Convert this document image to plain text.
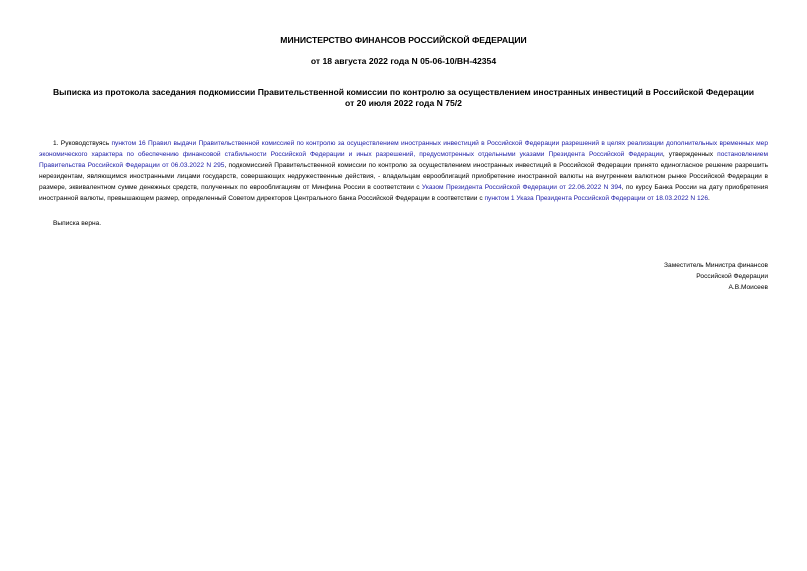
МИНИСТЕРСТВО ФИНАНСОВ РОССИЙСКОЙ ФЕДЕРАЦИИ
от 18 августа 2022 года N 05-06-10/ВН-42354
Выписка из протокола заседания подкомиссии Правительственной комиссии по контролю за осуществлением иностранных инвестиций в Российской Федерации
от 20 июля 2022 года N 75/2
1. Руководствуясь пунктом 16 Правил выдачи Правительственной комиссией по контролю за осуществлением иностранных инвестиций в Российской Федерации разрешений в целях реализации дополнительных временных мер экономического характера по обеспечению финансовой стабильности Российской Федерации и иных разрешений, предусмотренных отдельными указами Президента Российской Федерации, утвержденных постановлением Правительства Российской Федерации от 06.03.2022 N 295, подкомиссией Правительственной комиссии по контролю за осуществлением иностранных инвестиций в Российской Федерации принято единогласное решение разрешить нерезидентам, являющимся иностранными лицами государств, совершающих недружественные действия, - владельцам еврооблигаций приобретение иностранной валюты на внутреннем валютном рынке Российской Федерации в размере, эквивалентном сумме денежных средств, полученных по еврооблигациям от Минфина России в соответствии с Указом Президента Российской Федерации от 22.06.2022 N 394, по курсу Банка России на дату приобретения иностранной валюты, превышающем размер, определенный Советом директоров Центрального банка Российской Федерации в соответствии с пунктом 1 Указа Президента Российской Федерации от 18.03.2022 N 126.
Выписка верна.
Заместитель Министра финансов
Российской Федерации
А.В.Моисеев
